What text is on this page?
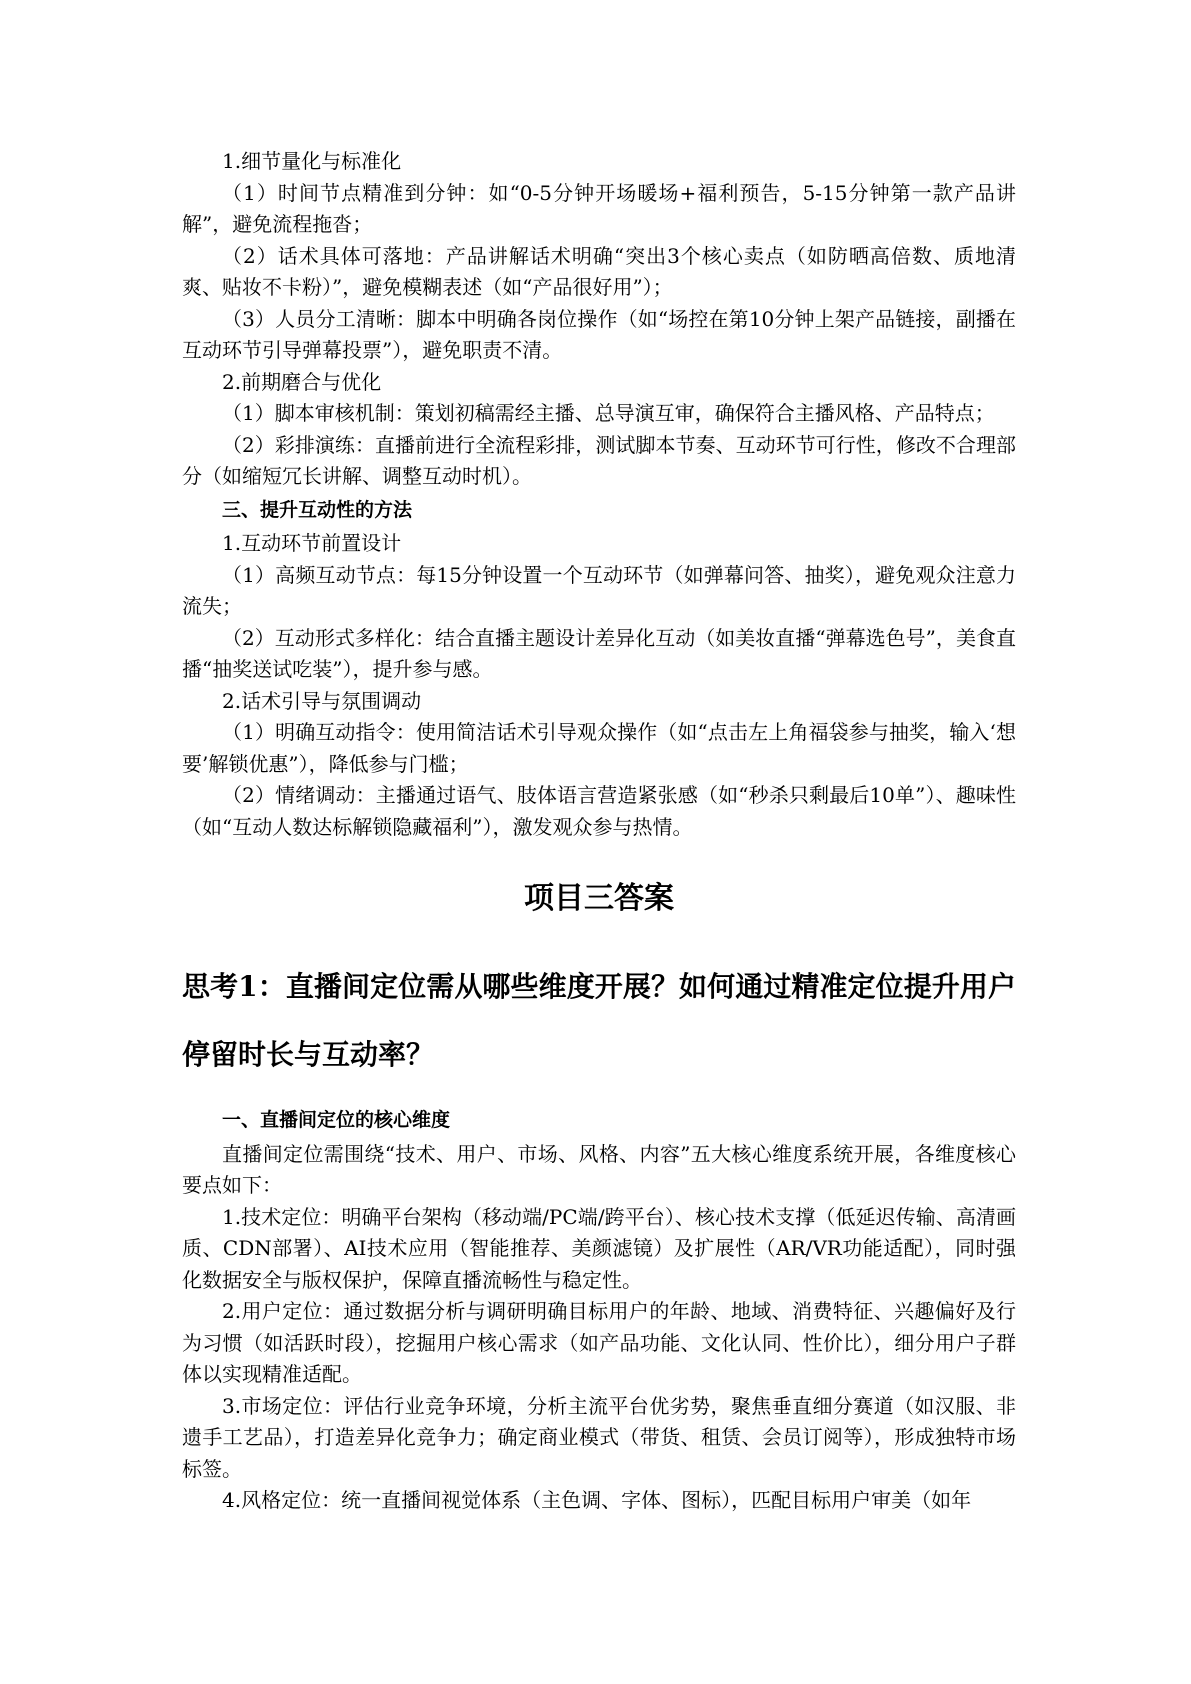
1.细节量化与标准化

（1）时间节点精准到分钟：如“0-5分钟开场暖场+福利预告，5-15分钟第一款产品讲解”，避免流程拖沓；

（2）话术具体可落地：产品讲解话术明确“突出3个核心卖点（如防晒高倍数、质地清爽、贴妆不卡粉）”，避免模糊表述（如“产品很好用”）；

（3）人员分工清晰：脚本中明确各岗位操作（如“场控在第10分钟上架产品链接，副播在互动环节引导弹幕投票”），避免职责不清。

2.前期磨合与优化

（1）脚本审核机制：策划初稿需经主播、总导演互审，确保符合主播风格、产品特点；

（2）彩排演练：直播前进行全流程彩排，测试脚本节奏、互动环节可行性，修改不合理部分（如缩短冗长讲解、调整互动时机）。

三、提升互动性的方法

1.互动环节前置设计

（1）高频互动节点：每15分钟设置一个互动环节（如弹幕问答、抽奖），避免观众注意力流失；

（2）互动形式多样化：结合直播主题设计差异化互动（如美妆直播“弹幕选色号”，美食直播“抽奖送试吃装”），提升参与感。

2.话术引导与氛围调动

（1）明确互动指令：使用简洁话术引导观众操作（如“点击左上角福袋参与抽奖，输入‘想要’解锁优惠”），降低参与门槛；

（2）情绪调动：主播通过语气、肢体语言营造紧张感（如“秒杀只剩最后10单”）、趣味性（如“互动人数达标解锁隐藏福利”），激发观众参与热情。

项目三答案
思考1：直播间定位需从哪些维度开展？如何通过精准定位提升用户停留时长与互动率？

一、直播间定位的核心维度

直播间定位需围绕“技术、用户、市场、风格、内容”五大核心维度系统开展，各维度核心要点如下：

1.技术定位：明确平台架构（移动端/PC端/跨平台）、核心技术支撑（低延迟传输、高清画质、CDN部署）、AI技术应用（智能推荐、美颜滤镜）及扩展性（AR/VR功能适配），同时强化数据安全与版权保护，保障直播流畅性与稳定性。

2.用户定位：通过数据分析与调研明确目标用户的年龄、地域、消费特征、兴趣偏好及行为习惯（如活跃时段），挖掘用户核心需求（如产品功能、文化认同、性价比），细分用户子群体以实现精准适配。

3.市场定位：评估行业竞争环境，分析主流平台优劣势，聚焦垂直细分赛道（如汉服、非遗手工艺品），打造差异化竞争力；确定商业模式（带货、租赁、会员订阅等），形成独特市场标签。

4.风格定位：统一直播间视觉体系（主色调、字体、图标），匹配目标用户审美（如年
